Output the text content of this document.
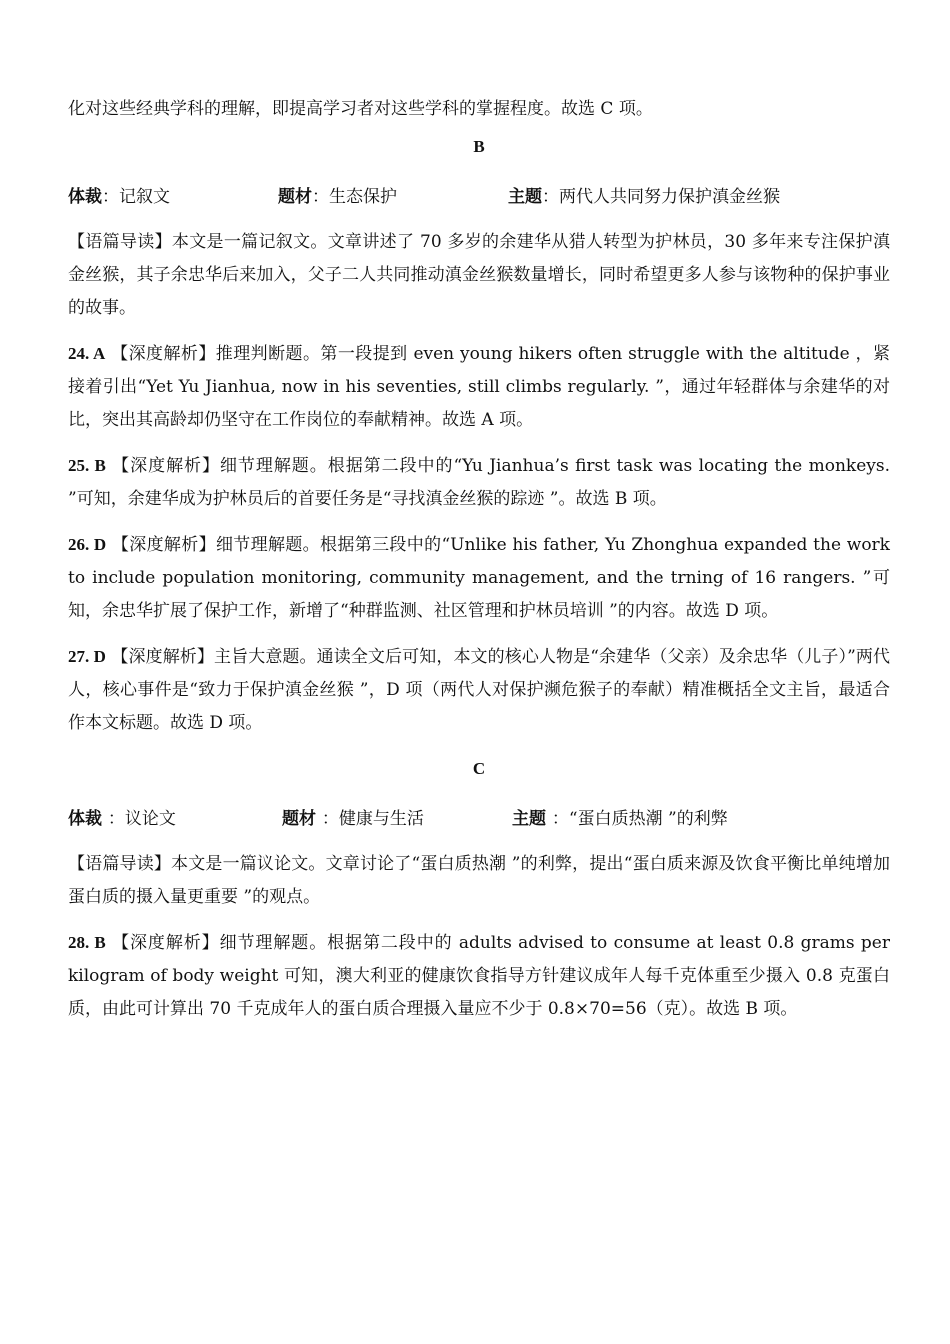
化对这些经典学科的理解，即提高学习者对这些学科的掌握程度。故选 C 项。

B
体裁：记叙文	题材：生态保护	主题：两代人共同努力保护滇金丝猴

【语篇导读】本文是一篇记叙文。文章讲述了 70 多岁的余建华从猎人转型为护林员，30 多年来专注保护滇金丝猴，其子余忠华后来加入，父子二人共同推动滇金丝猴数量增长，同时希望更多人参与该物种的保护事业的故事。

24. A 【深度解析】推理判断题。第一段提到 even young hikers often struggle with the altitude ，紧接着引出“Yet Yu Jianhua, now in his seventies, still climbs regularly. ”，通过年轻群体与余建华的对比，突出其高龄却仍坚守在工作岗位的奉献精神。故选 A 项。

25. B 【深度解析】细节理解题。根据第二段中的“Yu Jianhua’s first task was locating the monkeys. ”可知，余建华成为护林员后的首要任务是“寻找滇金丝猴的踪迹 ”。故选 B 项。

26. D 【深度解析】细节理解题。根据第三段中的“Unlike his father, Yu Zhonghua expanded the work to include population monitoring, community management, and the trning of 16 rangers. ”可知，余忠华扩展了保护工作，新增了“种群监测、社区管理和护林员培训 ”的内容。故选 D 项。

27. D 【深度解析】主旨大意题。通读全文后可知，本文的核心人物是“余建华（父亲）及余忠华（儿子）”两代人，核心事件是“致力于保护滇金丝猴 ”，D 项（两代人对保护濒危猴子的奉献）精准概括全文主旨，最适合作本文标题。故选 D 项。

C
体裁 ：议论文	题材 ：健康与生活	主题 ：“蛋白质热潮 ”的利弊

【语篇导读】本文是一篇议论文。文章讨论了“蛋白质热潮 ”的利弊，提出“蛋白质来源及饮食平衡比单纯增加蛋白质的摄入量更重要 ”的观点。

28. B 【深度解析】细节理解题。根据第二段中的 adults advised to consume at least 0.8 grams per kilogram of body weight 可知，澳大利亚的健康饮食指导方针建议成年人每千克体重至少摄入 0.8 克蛋白质，由此可计算出 70 千克成年人的蛋白质合理摄入量应不少于 0.8×70=56（克）。故选 B 项。
